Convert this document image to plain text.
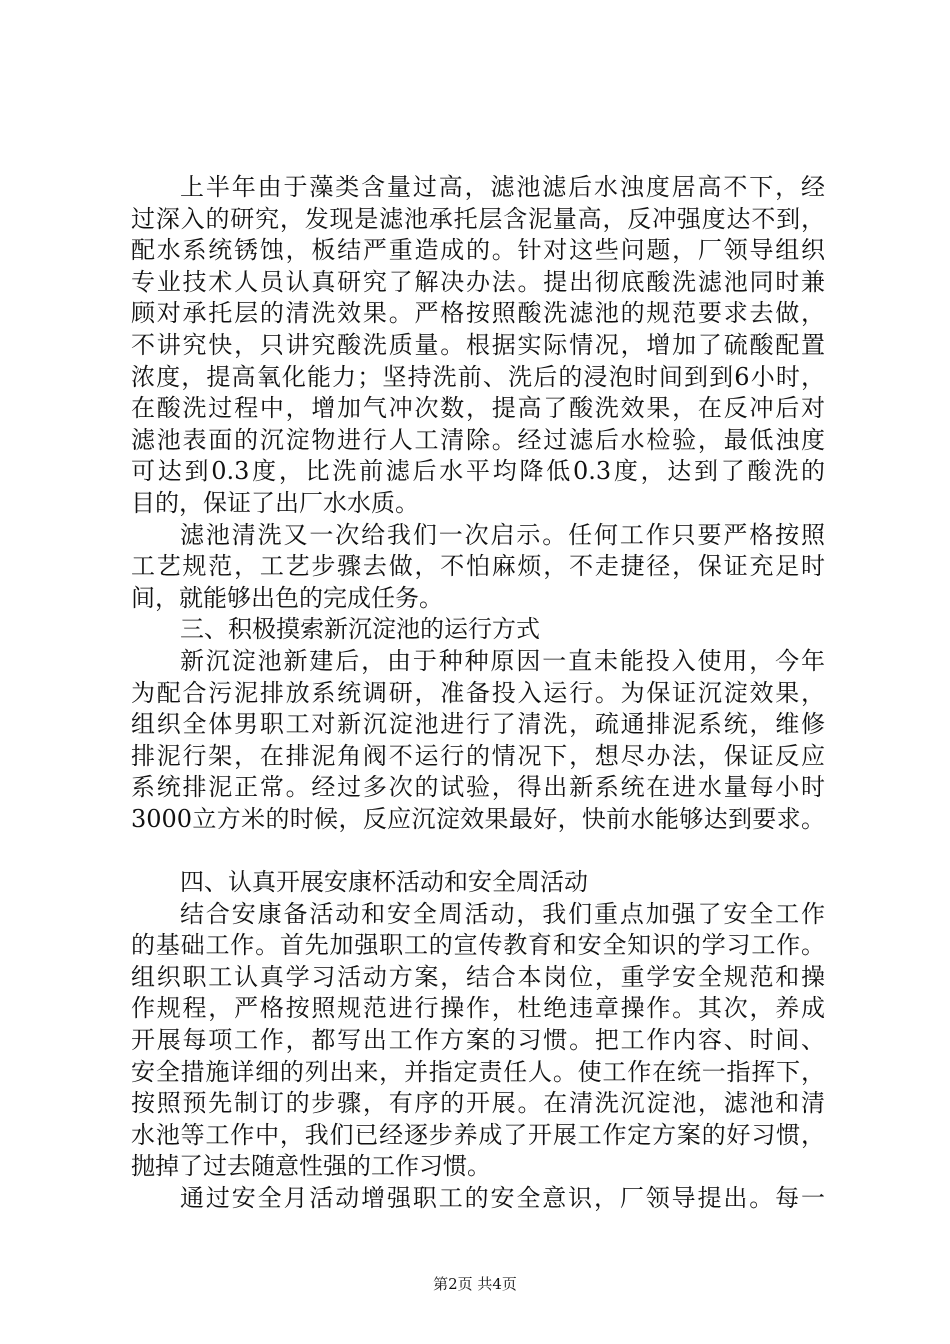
上半年由于藻类含量过高，滤池滤后水浊度居高不下，经
过深入的研究，发现是滤池承托层含泥量高，反冲强度达不到，
配水系统锈蚀，板结严重造成的。针对这些问题，厂领导组织
专业技术人员认真研究了解决办法。提出彻底酸洗滤池同时兼
顾对承托层的清洗效果。严格按照酸洗滤池的规范要求去做，
不讲究快，只讲究酸洗质量。根据实际情况，增加了硫酸配置
浓度，提高氧化能力；坚持洗前、洗后的浸泡时间到到6小时，
在酸洗过程中，增加气冲次数，提高了酸洗效果，在反冲后对
滤池表面的沉淀物进行人工清除。经过滤后水检验，最低浊度
可达到0.3度，比洗前滤后水平均降低0.3度，达到了酸洗的
目的，保证了出厂水水质。
滤池清洗又一次给我们一次启示。任何工作只要严格按照
工艺规范，工艺步骤去做，不怕麻烦，不走捷径，保证充足时
间，就能够出色的完成任务。
三、积极摸索新沉淀池的运行方式
新沉淀池新建后，由于种种原因一直未能投入使用，今年
为配合污泥排放系统调研，准备投入运行。为保证沉淀效果，
组织全体男职工对新沉淀池进行了清洗，疏通排泥系统，维修
排泥行架，在排泥角阀不运行的情况下，想尽办法，保证反应
系统排泥正常。经过多次的试验，得出新系统在进水量每小时
3000立方米的时候，反应沉淀效果最好，快前水能够达到要求。
四、认真开展安康杯活动和安全周活动
结合安康备活动和安全周活动，我们重点加强了安全工作
的基础工作。首先加强职工的宣传教育和安全知识的学习工作。
组织职工认真学习活动方案，结合本岗位，重学安全规范和操
作规程，严格按照规范进行操作，杜绝违章操作。其次，养成
开展每项工作，都写出工作方案的习惯。把工作内容、时间、
安全措施详细的列出来，并指定责任人。使工作在统一指挥下，
按照预先制订的步骤，有序的开展。在清洗沉淀池，滤池和清
水池等工作中，我们已经逐步养成了开展工作定方案的好习惯，
抛掉了过去随意性强的工作习惯。
通过安全月活动增强职工的安全意识，厂领导提出。每一
第2页 共4页
